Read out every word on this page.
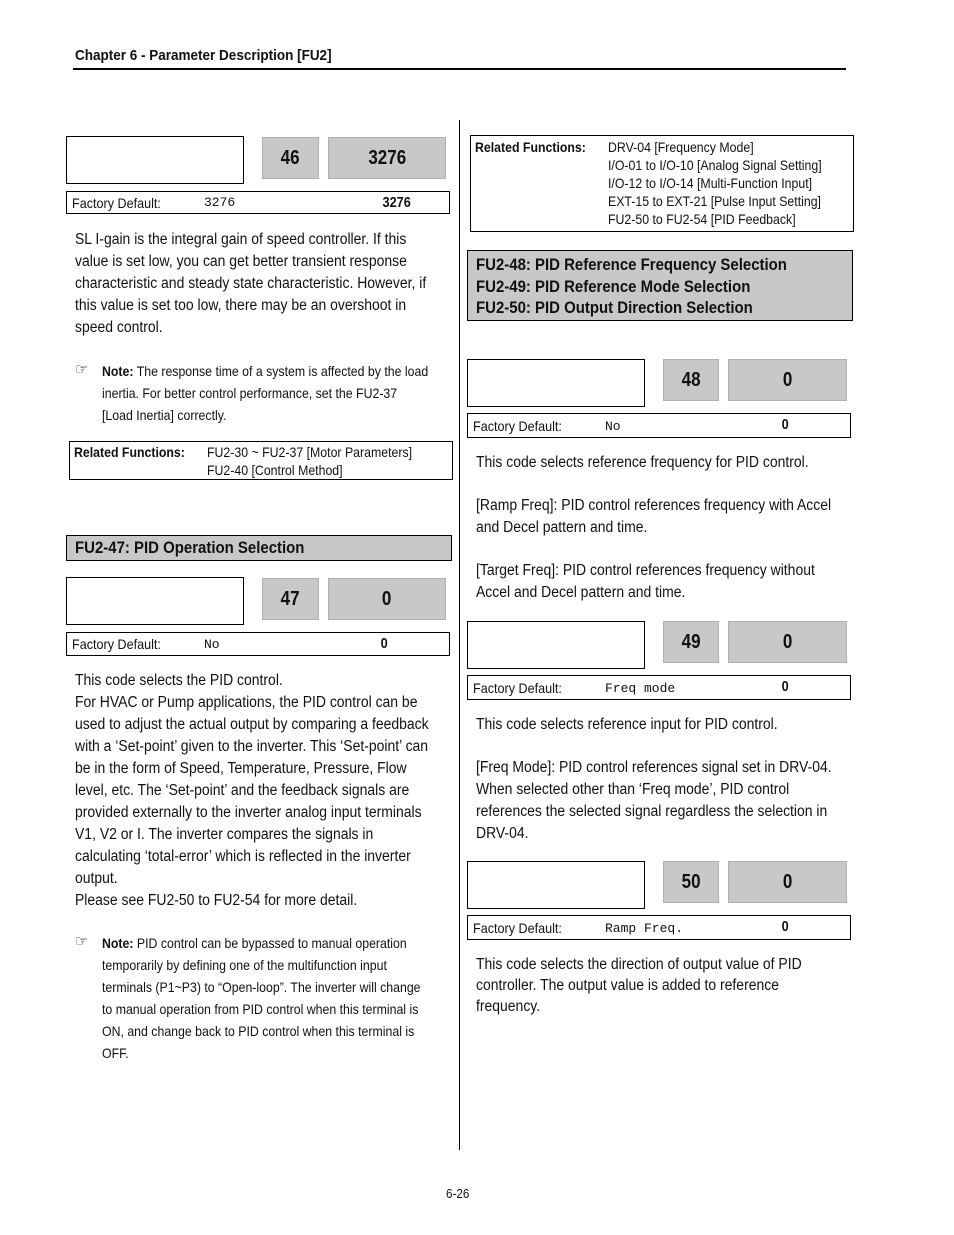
Chapter 6 - Parameter Description [FU2]

46	3276
Factory Default:	3276	3276
SL I-gain is the integral gain of speed controller. If this
value is set low, you can get better transient response
characteristic and steady state characteristic. However, if
this value is set too low, there may be an overshoot in
speed control.
☞ Note: The response time of a system is affected by the load
inertia. For better control performance, set the FU2-37
[Load Inertia] correctly.
Related Functions: FU2-30 ~ FU2-37 [Motor Parameters]
FU2-40 [Control Method]
FU2-47: PID Operation Selection

47	0
Factory Default:	No	0
This code selects the PID control.
For HVAC or Pump applications, the PID control can be
used to adjust the actual output by comparing a feedback
with a ‘Set-point’ given to the inverter. This ‘Set-point’ can
be in the form of Speed, Temperature, Pressure, Flow
level, etc. The ‘Set-point’ and the feedback signals are
provided externally to the inverter analog input terminals
V1, V2 or I. The inverter compares the signals in
calculating ‘total-error’ which is reflected in the inverter
output.
Please see FU2-50 to FU2-54 for more detail.
☞ Note: PID control can be bypassed to manual operation
temporarily by defining one of the multifunction input
terminals (P1~P3) to “Open-loop”. The inverter will change
to manual operation from PID control when this terminal is
ON, and change back to PID control when this terminal is
OFF.
Related Functions: DRV-04 [Frequency Mode]
I/O-01 to I/O-10 [Analog Signal Setting]
I/O-12 to I/O-14 [Multi-Function Input]
EXT-15 to EXT-21 [Pulse Input Setting]
FU2-50 to FU2-54 [PID Feedback]
FU2-48: PID Reference Frequency Selection
FU2-49: PID Reference Mode Selection
FU2-50: PID Output Direction Selection

48	0
Factory Default:	No	0
This code selects reference frequency for PID control.
[Ramp Freq]: PID control references frequency with Accel
and Decel pattern and time.
[Target Freq]: PID control references frequency without
Accel and Decel pattern and time.

49	0
Factory Default:	Freq mode	0
This code selects reference input for PID control.
[Freq Mode]: PID control references signal set in DRV-04.
When selected other than ‘Freq mode’, PID control
references the selected signal regardless the selection in
DRV-04.

50	0
Factory Default:	Ramp Freq.	0
This code selects the direction of output value of PID
controller. The output value is added to reference
frequency.
6-26
